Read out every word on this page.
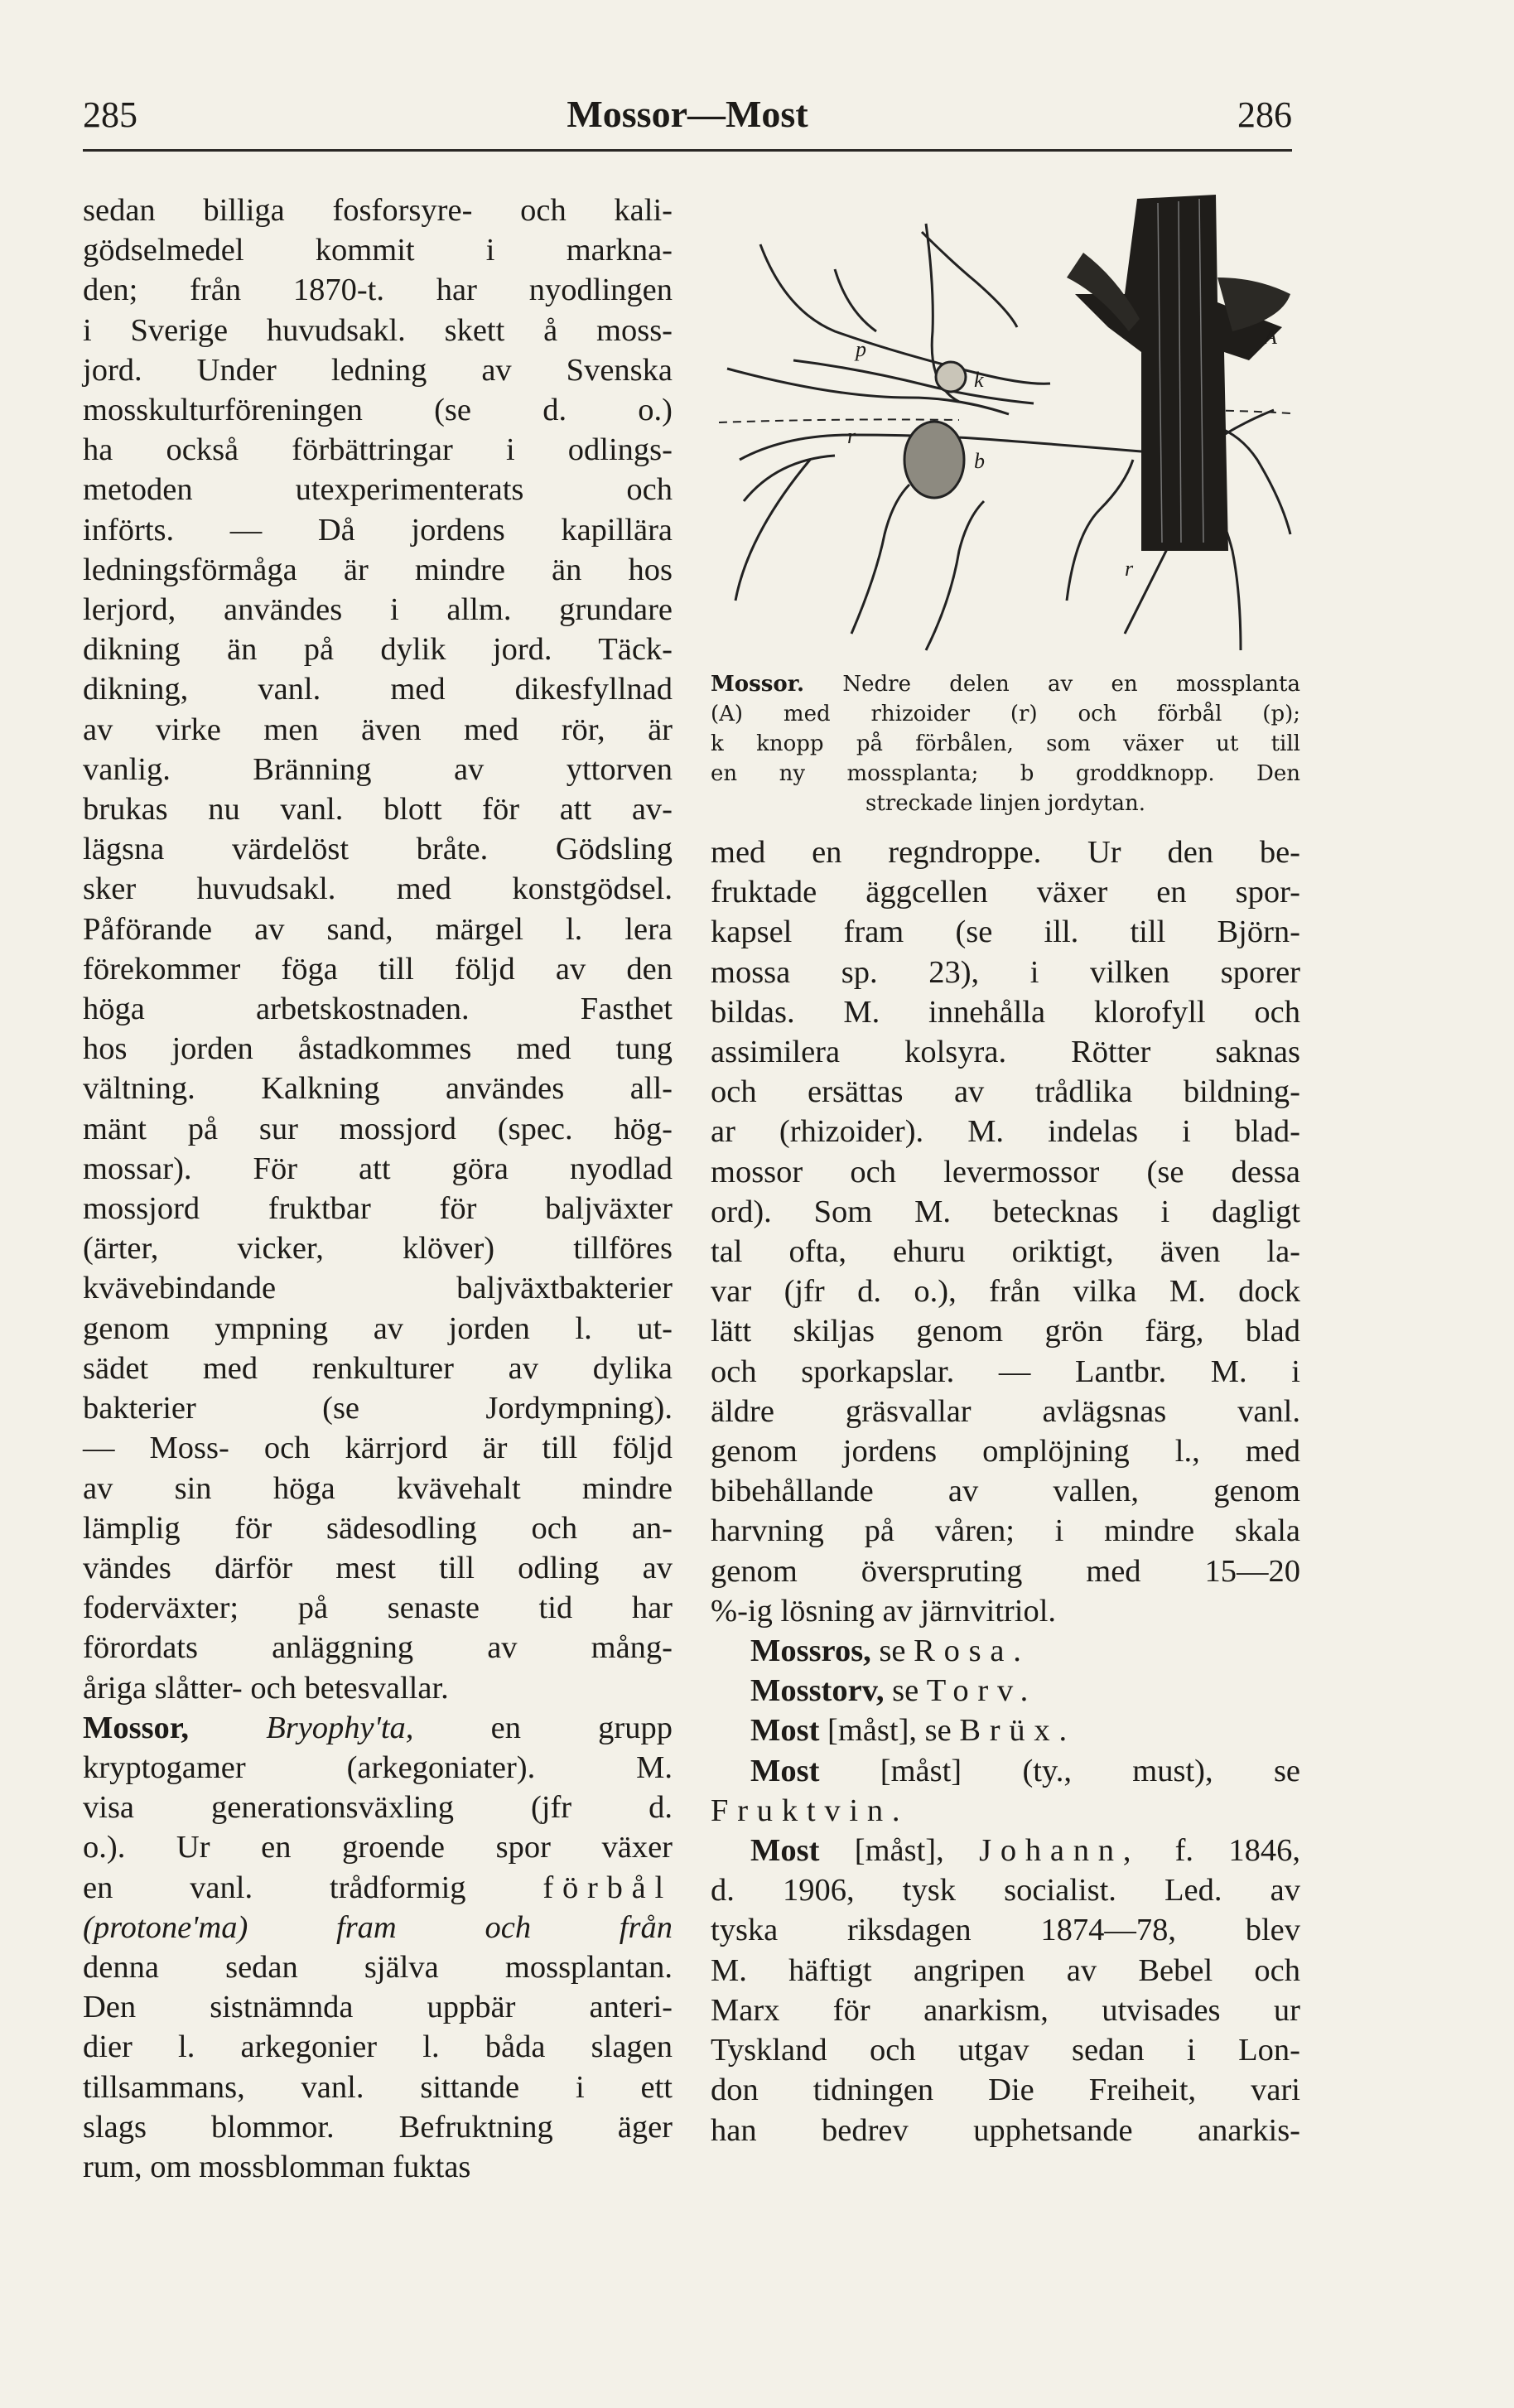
285	Mossor—Most	286
sedan billiga fosforsyre- och kali-
gödselmedel kommit i markna-
den; från 1870-t. har nyodlingen
i Sverige huvudsakl. skett å moss-
jord. Under ledning av Svenska
mosskulturföreningen (se d. o.)
ha också förbättringar i odlings-
metoden utexperimenterats och
införts. — Då jordens kapillära
ledningsförmåga är mindre än hos
lerjord, användes i allm. grundare
dikning än på dylik jord. Täck-
dikning, vanl. med dikesfyllnad
av virke men även med rör, är
vanlig. Bränning av yttorven
brukas nu vanl. blott för att av-
lägsna värdelöst bråte. Gödsling
sker huvudsakl. med konstgödsel.
Påförande av sand, märgel l. lera
förekommer föga till följd av den
höga arbetskostnaden. Fasthet
hos jorden åstadkommes med tung
vältning. Kalkning användes all-
mänt på sur mossjord (spec. hög-
mossar). För att göra nyodlad
mossjord fruktbar för baljväxter
(ärter, vicker, klöver) tillföres
kvävebindande baljväxtbakterier
genom ympning av jorden l. ut-
sädet med renkulturer av dylika
bakterier (se Jordympning).
— Moss- och kärrjord är till följd
av sin höga kvävehalt mindre
lämplig för sädesodling och an-
vändes därför mest till odling av
foderväxter; på senaste tid har
förordats anläggning av mång-
åriga slåtter- och betesvallar.
Mossor, Bryophy'ta, en grupp
kryptogamer (arkegoniater). M.
visa generationsväxling (jfr d.
o.). Ur en groende spor växer
en vanl. trådformig förbål
(protone'ma) fram och från
denna sedan själva mossplantan.
Den sistnämnda uppbär anteri-
dier l. arkegonier l. båda slagen
tillsammans, vanl. sittande i ett
slags blommor. Befruktning äger
rum, om mossblomman fuktas
p
k
A
r
b
r
Mossor. Nedre delen av en mossplanta
(A) med rhizoider (r) och förbål (p);
k knopp på förbålen, som växer ut till
en ny mossplanta; b groddknopp. Den
streckade linjen jordytan.
med en regndroppe. Ur den be-
fruktade äggcellen växer en spor-
kapsel fram (se ill. till Björn-
mossa sp. 23), i vilken sporer
bildas. M. innehålla klorofyll och
assimilera kolsyra. Rötter saknas
och ersättas av trådlika bildning-
ar (rhizoider). M. indelas i blad-
mossor och levermossor (se dessa
ord). Som M. betecknas i dagligt
tal ofta, ehuru oriktigt, även la-
var (jfr d. o.), från vilka M. dock
lätt skiljas genom grön färg, blad
och sporkapslar. — Lantbr. M. i
äldre gräsvallar avlägsnas vanl.
genom jordens omplöjning l., med
bibehållande av vallen, genom
harvning på våren; i mindre skala
genom överspruting med 15—20
%-ig lösning av järnvitriol.
Mossros, se Rosa.
Mosstorv, se Torv.
Most [måst], se Brüx.
Most [måst] (ty., must), se
Fruktvin.
Most [måst], Johann, f. 1846,
d. 1906, tysk socialist. Led. av
tyska riksdagen 1874—78, blev
M. häftigt angripen av Bebel och
Marx för anarkism, utvisades ur
Tyskland och utgav sedan i Lon-
don tidningen Die Freiheit, vari
han bedrev upphetsande anarkis-
